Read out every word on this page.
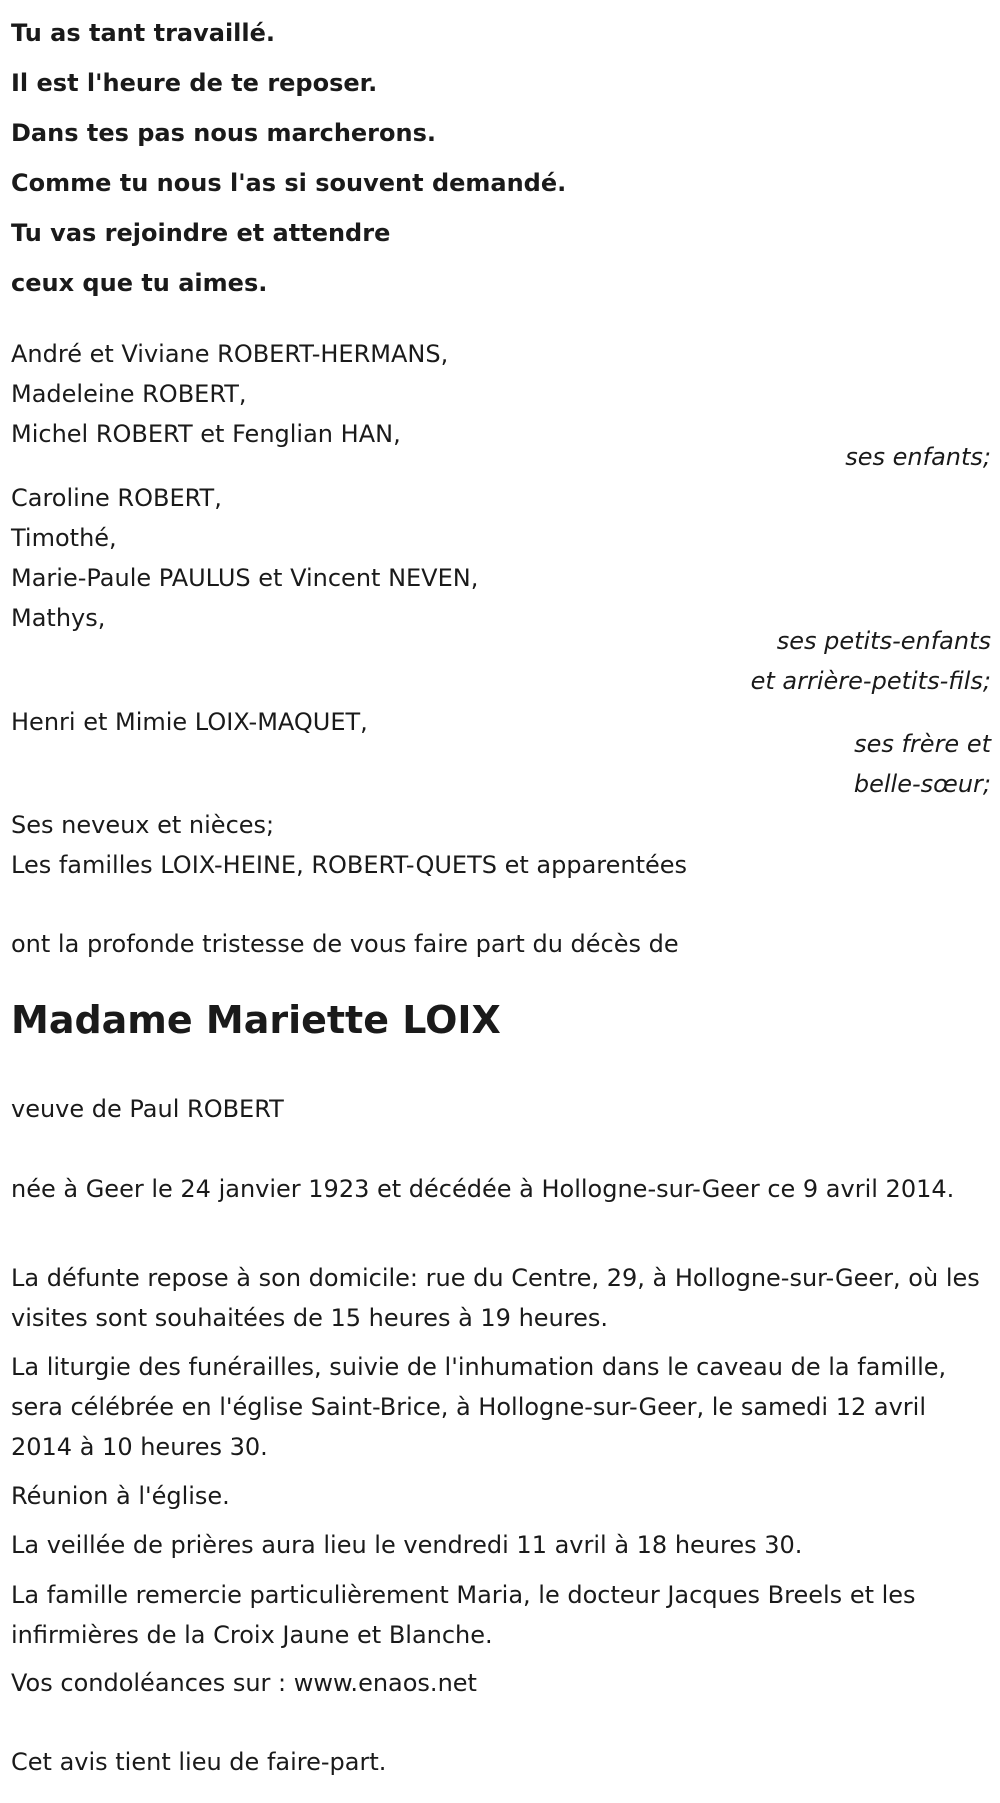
Tu as tant travaillé.
Il est l'heure de te reposer.
Dans tes pas nous marcherons.
Comme tu nous l'as si souvent demandé.
Tu vas rejoindre et attendre
ceux que tu aimes.
André et Viviane ROBERT-HERMANS,
Madeleine ROBERT,
Michel ROBERT et Fenglian HAN,
ses enfants;
Caroline ROBERT,
Timothé,
Marie-Paule PAULUS et Vincent NEVEN,
Mathys,
ses petits-enfants
et arrière-petits-fils;
Henri et Mimie LOIX-MAQUET,
ses frère et
belle-sœur;
Ses neveux et nièces;
Les familles LOIX-HEINE, ROBERT-QUETS et apparentées
ont la profonde tristesse de vous faire part du décès de
Madame Mariette LOIX
veuve de Paul ROBERT
née à Geer le 24 janvier 1923 et décédée à Hollogne-sur-Geer ce 9 avril 2014.
La défunte repose à son domicile: rue du Centre, 29, à Hollogne-sur-Geer, où les visites sont souhaitées de 15 heures à 19 heures.
La liturgie des funérailles, suivie de l'inhumation dans le caveau de la famille, sera célébrée en l'église Saint-Brice, à Hollogne-sur-Geer, le samedi 12 avril 2014 à 10 heures 30.
Réunion à l'église.
La veillée de prières aura lieu le vendredi 11 avril à 18 heures 30.
La famille remercie particulièrement Maria, le docteur Jacques Breels et les infirmières de la Croix Jaune et Blanche.
Vos condoléances sur : www.enaos.net
Cet avis tient lieu de faire-part.
